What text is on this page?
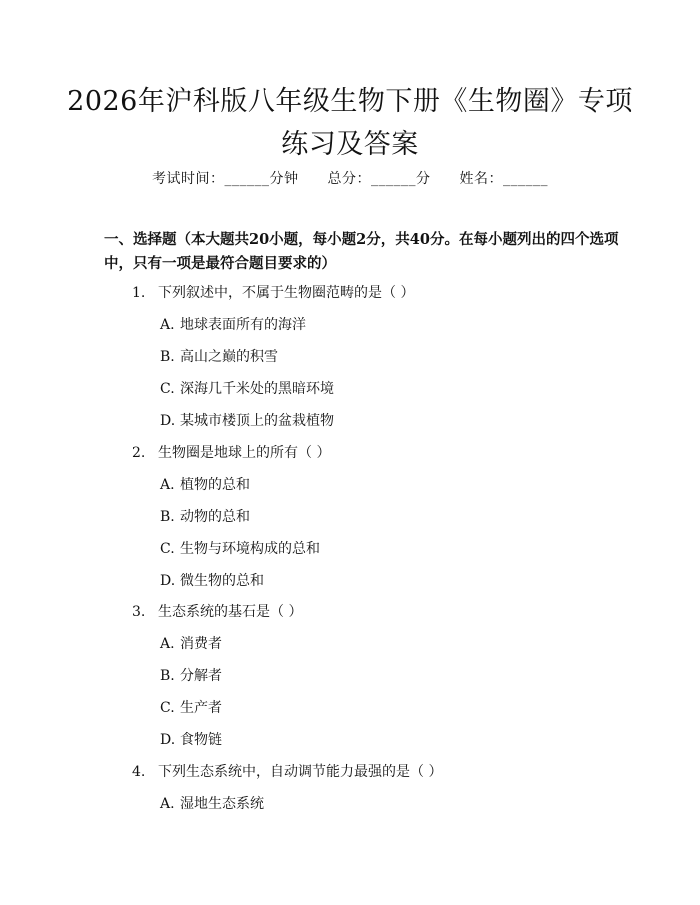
2026年沪科版八年级生物下册《生物圈》专项练习及答案
考试时间：______分钟 总分：______分 姓名：______
一、选择题（本大题共20小题，每小题2分，共40分。在每小题列出的四个选项中，只有一项是最符合题目要求的）
1. 下列叙述中，不属于生物圈范畴的是（ ）
A. 地球表面所有的海洋
B. 高山之巅的积雪
C. 深海几千米处的黑暗环境
D. 某城市楼顶上的盆栽植物
2. 生物圈是地球上的所有（ ）
A. 植物的总和
B. 动物的总和
C. 生物与环境构成的总和
D. 微生物的总和
3. 生态系统的基石是（ ）
A. 消费者
B. 分解者
C. 生产者
D. 食物链
4. 下列生态系统中，自动调节能力最强的是（ ）
A. 湿地生态系统
